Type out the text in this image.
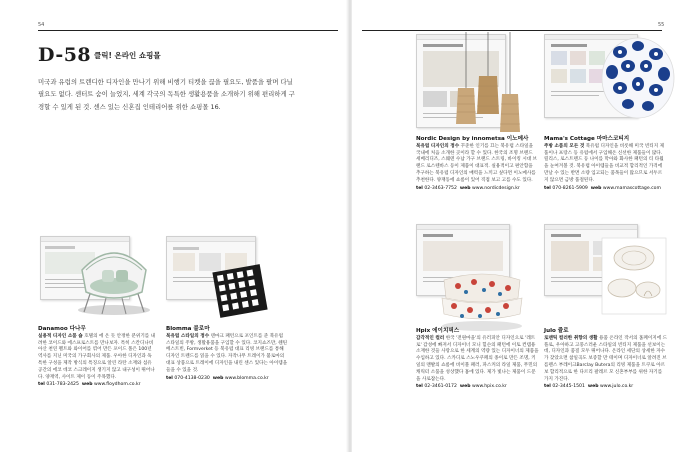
54
D-58 클릭! 온라인 쇼핑몰
미국과 유럽의 트렌디한 디자인을 만나기 위해 비행기 티켓을 끊을 필요도, 발품을 팔며 다닐 필요도 없다. 센터트 숨이 늘었지, 세계 각국의 독특한 생활용품을 소개하기 위해 편리하게 구경할 수 있게 된 것. 센스 있는 신혼집 인테리어를 위한 쇼핑몰 16.
Danamoo 다나무
실용적 디자인 소품 숍 호텔의 에 온 듯 안정한 분위기를 내려한 코이드와 에스프로스트를 만나보자. 특히 스칸디나비아산 천연 펠트와 와이어를 엮어 만든 포이드 폴은 100년 역사를 지닌 미국의 가구회사의 제품. 우아한 디자인과 독특한 구성을 제작 방식의 특징으로 알린 라탄 소재와 섬유 공간의 에코 데코 스크레이지 생기지 않고 내구성이 뛰어나다. 양재역, 사이트 제이 동이 주목했다.
tel 031-783-2425 web www.floydhom.co.kr
Blomma 블로마
북유럽 스타일의 정수 덴마크 패턴으로 포인트를 준 북유럽 스타일의 주방, 생활용품을 구입할 수 있다. 코지쇼즈만, 웬틴 베스트빈, Formverket 등 북유럽 대표 리빙 브랜드를 통해 디자인 트렌드를 읽을 수 있다. 자작나무 트레이가 불로마의 대표 상품으로 트레이에 디자인을 내린 센스 있다는 아이템을 들을 수 있을 것.
tel 070-4138-0230 web www.blomma.co.kr
55
Nordic Design by innometsa 이노메사
북유럽 디자인의 정수 꾸준한 인기를 끄는 북유럽 스타일을 국내에 처음 소개한 곳이라 할 수 있다. 한국의 조명 브랜드 세베리디즈, 스웨덴 수납 가구 브랜드 스트링, 바이킹 시대 브랜드 로스텐바스 등이 제품이 대표적. 실용적이고 편안함을 추구하는 북유럽 디자인의 매력을 느끼고 싶다면 이노메사를 추천한다. 양재동에 쇼룸이 있어 직접 보고 고를 수도 있다.
tel 02-3463-7752 web www.nordicdesign.kr
Mama's Cottage 마마스코티지
주방 소품의 모든 것 북유럽 디자인을 비롯해 미국 빈티지 제품이나 프랑스 등 유럽에서 구입해온 신선한 제품들이 많다. 릴리스, 로스트랜드 등 나이를 막아와 화사한 패턴의 티 타월을 눈여겨볼 것. 북유럽 아이템들을 비교적 합리적인 가격에 만날 수 있는 반면 소량 입고되는 품목들이 많으므로 서두르지 않으면 금방 품절된다.
tel 070-8261-5909 web www.mamascottage.com
Hpix 에이치픽스
감각적인 컬러 한국 '전원마을'의 유러피안 디자인으로 '레트로' 감성에 빠져서 디자이너 모니 힐슨의 패턴에 이토 컨템용 소재한 것들 사랑으로 한 세계의 역량 있는 디자이너의 제품을 수입하고 있다. 스카디로 스노우쿠페의 종이로 만든 조명, 키일의 맨발의 쇼룸에 비이블 패러, 파스커의 라일 제품, 무민의 캐릭터 소품을 성상했다 홈에 있다. 제가 빛나는 제품이 드문을 사로잡는다.
tel 02-3461-0172 web www.hpix.co.kr
Julo 쥴로
로맨틱 컬러한 취향의 생활 용품 온라인 작서의 홈페이지에 드 플로, 우아하고 고풍스러운 스타일의 빈티지 제품을 선보이는데, 디자인과 품질 모두 뛰어나다. 온라인 세단의 상세한 자수가 찾았으면 참일곡도 보증할 만 테이며 디자이너로 알려진 브를렌스 부레이크Barclay Butera의 리빙 제품을 트쿠로 아르보 합리적으로 한 다르리 팔레르 모 신혼부부를 위한 자기를 가지 가진다.
tel 02-3445-1501 web www.julo.co.kr
